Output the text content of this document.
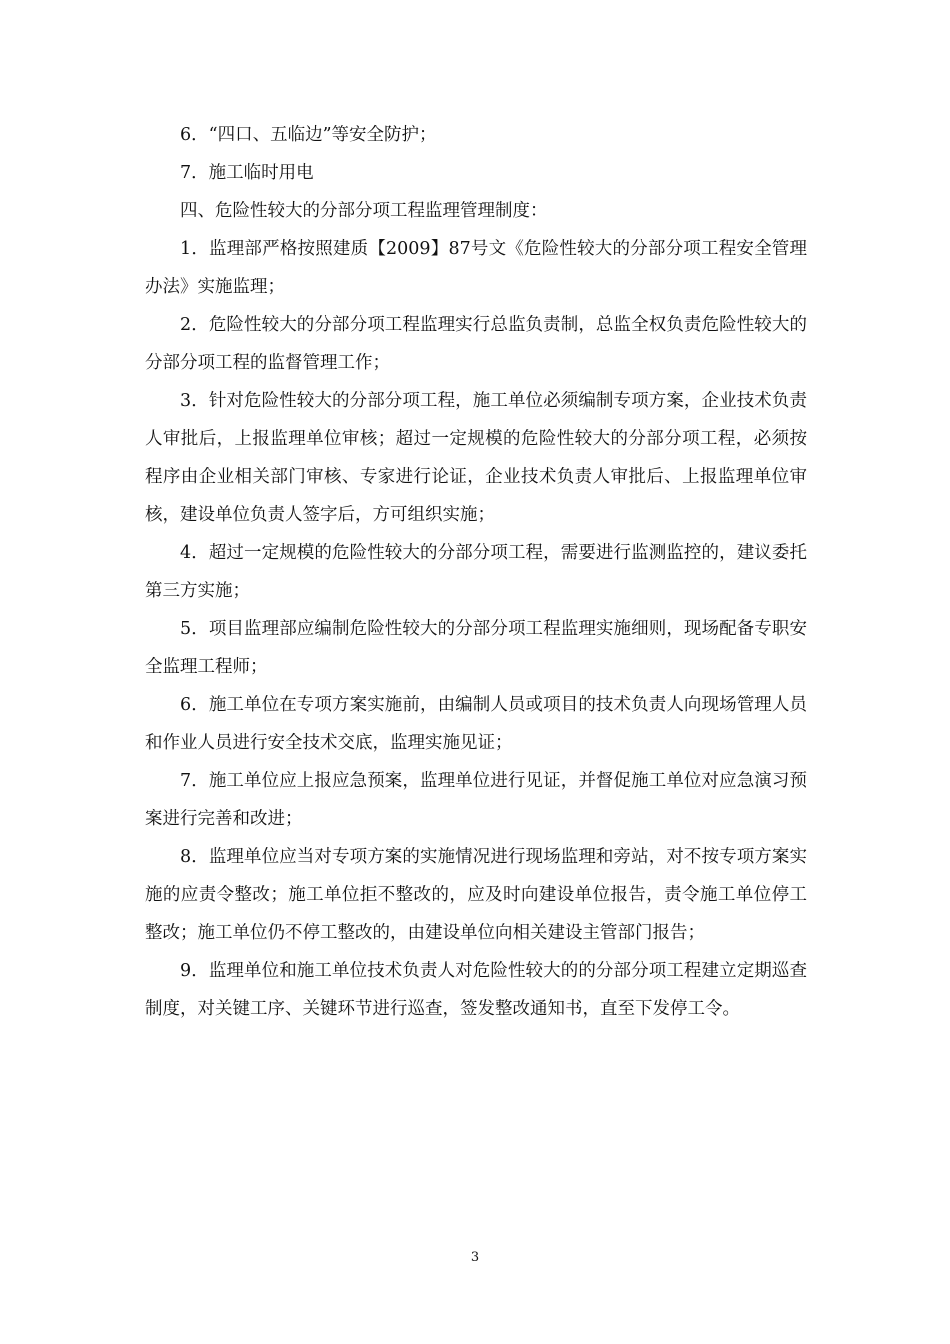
6．“四口、五临边”等安全防护；

7．施工临时用电

四、危险性较大的分部分项工程监理管理制度：

1．监理部严格按照建质【2009】87号文《危险性较大的分部分项工程安全管理办法》实施监理；

2．危险性较大的分部分项工程监理实行总监负责制，总监全权负责危险性较大的分部分项工程的监督管理工作；

3．针对危险性较大的分部分项工程，施工单位必须编制专项方案，企业技术负责人审批后，上报监理单位审核；超过一定规模的危险性较大的分部分项工程，必须按程序由企业相关部门审核、专家进行论证，企业技术负责人审批后、上报监理单位审核，建设单位负责人签字后，方可组织实施；

4．超过一定规模的危险性较大的分部分项工程，需要进行监测监控的，建议委托第三方实施；

5．项目监理部应编制危险性较大的分部分项工程监理实施细则，现场配备专职安全监理工程师；

6．施工单位在专项方案实施前，由编制人员或项目的技术负责人向现场管理人员和作业人员进行安全技术交底，监理实施见证；

7．施工单位应上报应急预案，监理单位进行见证，并督促施工单位对应急演习预案进行完善和改进；

8．监理单位应当对专项方案的实施情况进行现场监理和旁站，对不按专项方案实施的应责令整改；施工单位拒不整改的，应及时向建设单位报告，责令施工单位停工整改；施工单位仍不停工整改的，由建设单位向相关建设主管部门报告；

9．监理单位和施工单位技术负责人对危险性较大的的分部分项工程建立定期巡查制度，对关键工序、关键环节进行巡查，签发整改通知书，直至下发停工令。

3
